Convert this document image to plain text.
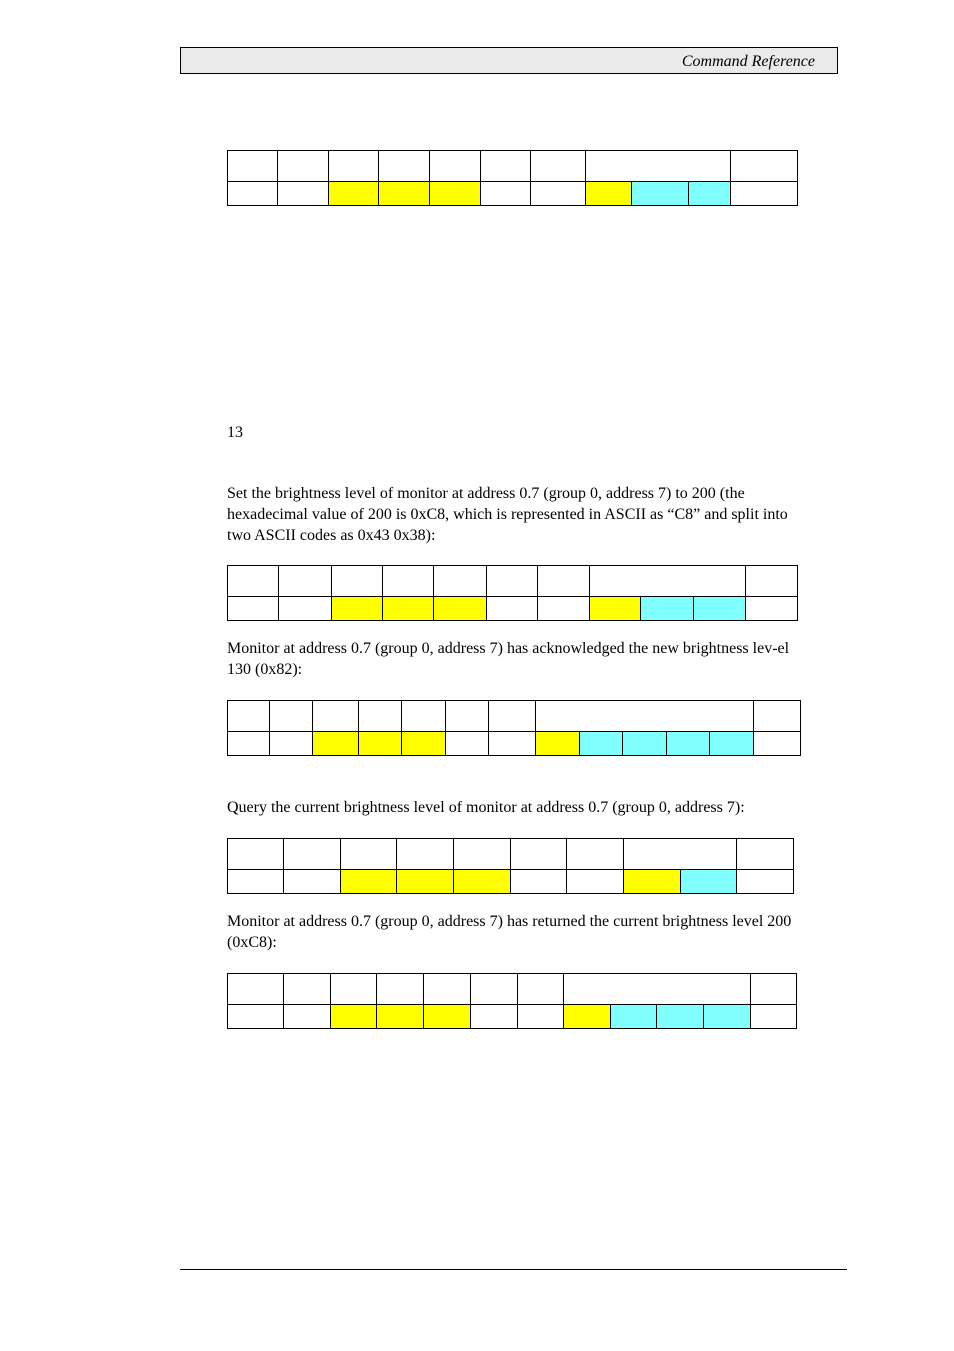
Command Reference

13

Set the brightness level of monitor at address 0.7 (group 0, address 7) to 200 (the hexadecimal value of 200 is 0xC8, which is represented in ASCII as “C8” and split into two ASCII codes as 0x43 0x38):

Monitor at address 0.7 (group 0, address 7) has acknowledged the new brightness lev-el 130 (0x82):

Query the current brightness level of monitor at address 0.7 (group 0, address 7):

Monitor at address 0.7 (group 0, address 7) has returned the current brightness level 200 (0xC8):
